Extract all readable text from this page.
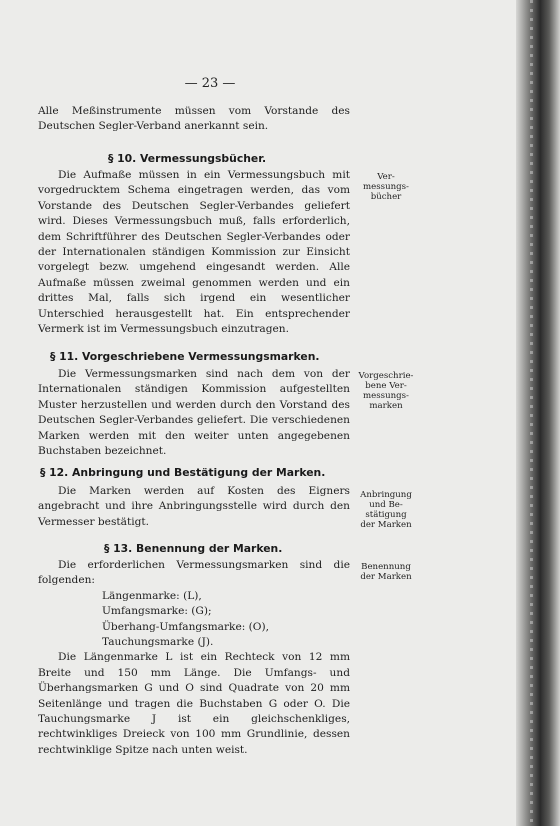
— 23 —

Alle Meßinstrumente müssen vom Vorstande des Deutschen Segler-Verband anerkannt sein.

§ 10. Vermessungsbücher.

Die Aufmaße müssen in ein Vermessungsbuch mit vorgedrucktem Schema eingetragen werden, das vom Vorstande des Deutschen Segler-Verbandes geliefert wird. Dieses Vermessungsbuch muß, falls erforderlich, dem Schriftführer des Deutschen Segler-Verbandes oder der Internationalen ständigen Kommission zur Einsicht vorgelegt bezw. umgehend eingesandt werden. Alle Aufmaße müssen zweimal genommen werden und ein drittes Mal, falls sich irgend ein wesentlicher Unterschied herausgestellt hat. Ein entsprechender Vermerk ist im Vermessungsbuch einzutragen.

Ver-
messungs-
bücher
§ 11. Vorgeschriebene Vermessungsmarken.

Die Vermessungsmarken sind nach dem von der Internationalen ständigen Kommission aufgestellten Muster herzustellen und werden durch den Vorstand des Deutschen Segler-Verbandes geliefert. Die verschiedenen Marken werden mit den weiter unten angegebenen Buchstaben bezeichnet.

Vorgeschrie-
bene Ver-
messungs-
marken
§ 12. Anbringung und Bestätigung der Marken.

Die Marken werden auf Kosten des Eigners angebracht und ihre Anbringungsstelle wird durch den Vermesser bestätigt.

Anbringung
und Be-
stätigung
der Marken
§ 13. Benennung der Marken.

Die erforderlichen Vermessungsmarken sind die folgenden:

Längenmarke: (L),
Umfangsmarke: (G);
Überhang-Umfangsmarke: (O),
Tauchungsmarke (J).

Die Längenmarke L ist ein Rechteck von 12 mm Breite und 150 mm Länge. Die Umfangs- und Überhangsmarken G und O sind Quadrate von 20 mm Seitenlänge und tragen die Buchstaben G oder O. Die Tauchungsmarke J ist ein gleichschenkliges, rechtwinkliges Dreieck von 100 mm Grundlinie, dessen rechtwinklige Spitze nach unten weist.

Benennung
der Marken
